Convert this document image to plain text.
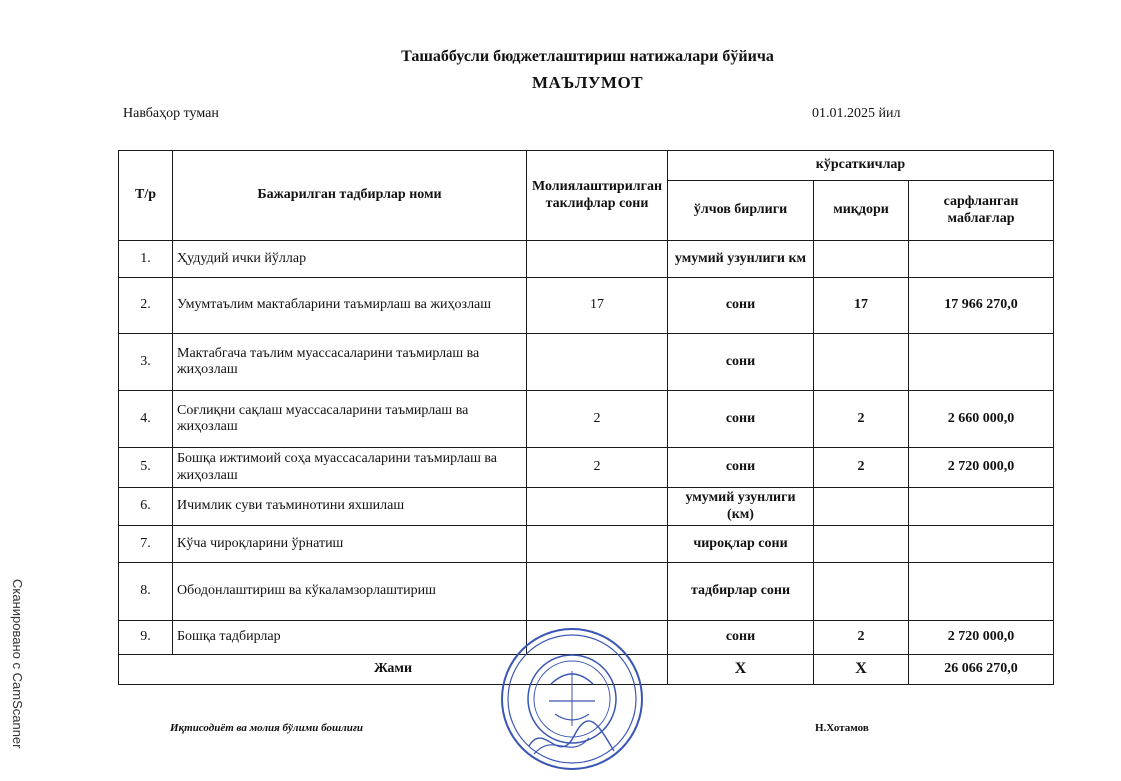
Ташаббусли бюджетлаштириш натижалари бўйича
МАЪЛУМОТ
Навбаҳор туман	01.01.2025 йил
Т/р	Бажарилган тадбирлар номи	Молиялаштирилган таклифлар сони	кўрсаткичлар		
			ўлчов бирлиги	миқдори	сарфланган маблағлар
1.	Ҳудудий ички йўллар		умумий узунлиги км		
2.	Умумтаълим мактабларини таъмирлаш ва жиҳозлаш	17	сони	17	17 966 270,0
3.	Мактабгача таълим муассасаларини таъмирлаш ва жиҳозлаш		сони		
4.	Соғлиқни сақлаш муассасаларини таъмирлаш ва жиҳозлаш	2	сони	2	2 660 000,0
5.	Бошқа ижтимоий соҳа муассасаларини таъмирлаш ва жиҳозлаш	2	сони	2	2 720 000,0
6.	Ичимлик суви таъминотини яхшилаш		умумий узунлиги (км)		
7.	Кўча чироқларини ўрнатиш		чироқлар сони		
8.	Ободонлаштириш ва кўкаламзорлаштириш		тадбирлар сони		
9.	Бошқа тадбирлар		сони	2	2 720 000,0
Жами			X	X	26 066 270,0
Иқтисодиёт ва молия бўлими бошлиғи	Н.Хотамов
Сканировано с CamScanner
